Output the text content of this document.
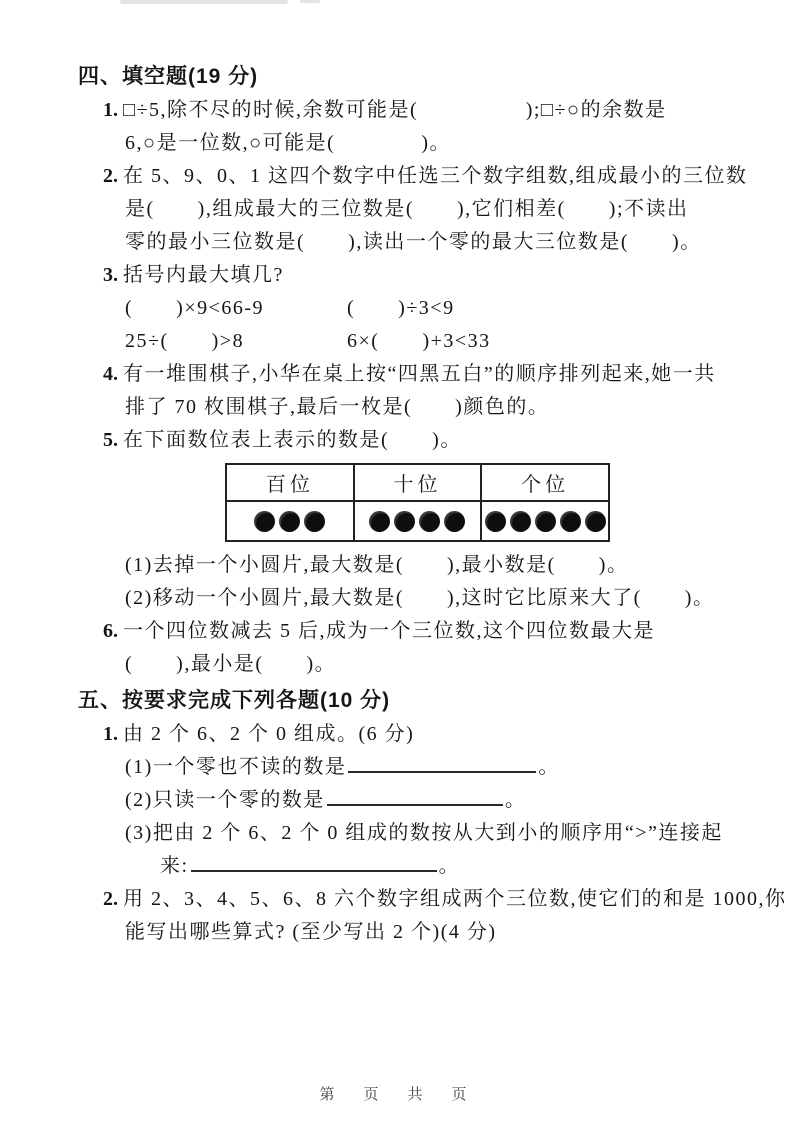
四、填空题(19 分)
1. □÷5,除不尽的时候,余数可能是(　　　　　);□÷○的余数是
6,○是一位数,○可能是(　　　　)。
2. 在 5、9、0、1 这四个数字中任选三个数字组数,组成最小的三位数
是(　　),组成最大的三位数是(　　),它们相差(　　);不读出
零的最小三位数是(　　),读出一个零的最大三位数是(　　)。
3. 括号内最大填几?
(　　)×9<66-9	(　　)÷3<9
25÷(　　)>8	6×(　　)+3<33
4. 有一堆围棋子,小华在桌上按“四黑五白”的顺序排列起来,她一共
排了 70 枚围棋子,最后一枚是(　　)颜色的。
5. 在下面数位表上表示的数是(　　)。
百位	十位	个位

(1)去掉一个小圆片,最大数是(　　),最小数是(　　)。
(2)移动一个小圆片,最大数是(　　),这时它比原来大了(　　)。
6. 一个四位数减去 5 后,成为一个三位数,这个四位数最大是
(　　),最小是(　　)。
五、按要求完成下列各题(10 分)
1. 由 2 个 6、2 个 0 组成。(6 分)
(1)一个零也不读的数是	。
(2)只读一个零的数是	。
(3)把由 2 个 6、2 个 0 组成的数按从大到小的顺序用“>”连接起
来:	。
2. 用 2、3、4、5、6、8 六个数字组成两个三位数,使它们的和是 1000,你
能写出哪些算式? (至少写出 2 个)(4 分)
第　页　共　页
